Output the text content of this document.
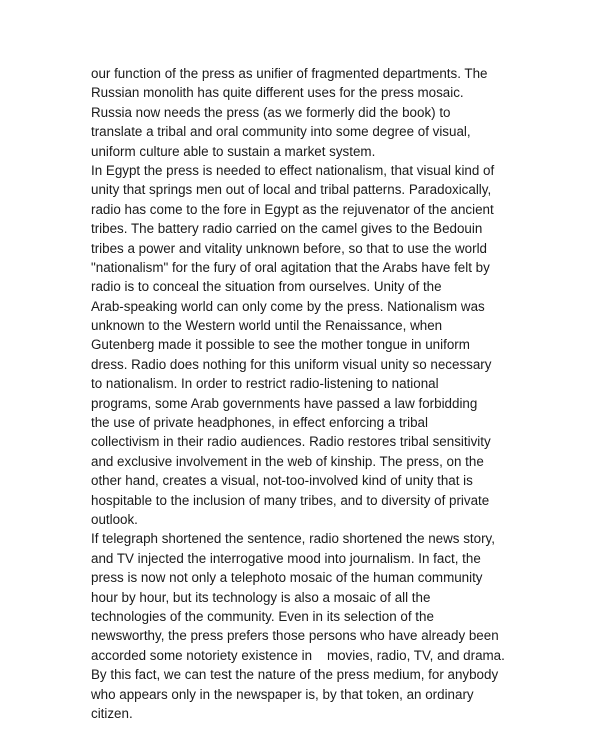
our function of the press as unifier of fragmented departments. The
Russian monolith has quite different uses for the press mosaic.
Russia now needs the press (as we formerly did the book) to
translate a tribal and oral community into some degree of visual,
uniform culture able to sustain a market system.
In Egypt the press is needed to effect nationalism, that visual kind of
unity that springs men out of local and tribal patterns. Paradoxically,
radio has come to the fore in Egypt as the rejuvenator of the ancient
tribes. The battery radio carried on the camel gives to the Bedouin
tribes a power and vitality unknown before, so that to use the world
"nationalism" for the fury of oral agitation that the Arabs have felt by
radio is to conceal the situation from ourselves. Unity of the
Arab-speaking world can only come by the press. Nationalism was
unknown to the Western world until the Renaissance, when
Gutenberg made it possible to see the mother tongue in uniform
dress. Radio does nothing for this uniform visual unity so necessary
to nationalism. In order to restrict radio-listening to national
programs, some Arab governments have passed a law forbidding
the use of private headphones, in effect enforcing a tribal
collectivism in their radio audiences. Radio restores tribal sensitivity
and exclusive involvement in the web of kinship. The press, on the
other hand, creates a visual, not-too-involved kind of unity that is
hospitable to the inclusion of many tribes, and to diversity of private
outlook.
If telegraph shortened the sentence, radio shortened the news story,
and TV injected the interrogative mood into journalism. In fact, the
press is now not only a telephoto mosaic of the human community
hour by hour, but its technology is also a mosaic of all the
technologies of the community. Even in its selection of the
newsworthy, the press prefers those persons who have already been
accorded some notoriety existence in    movies, radio, TV, and drama.
By this fact, we can test the nature of the press medium, for anybody
who appears only in the newspaper is, by that token, an ordinary
citizen.
